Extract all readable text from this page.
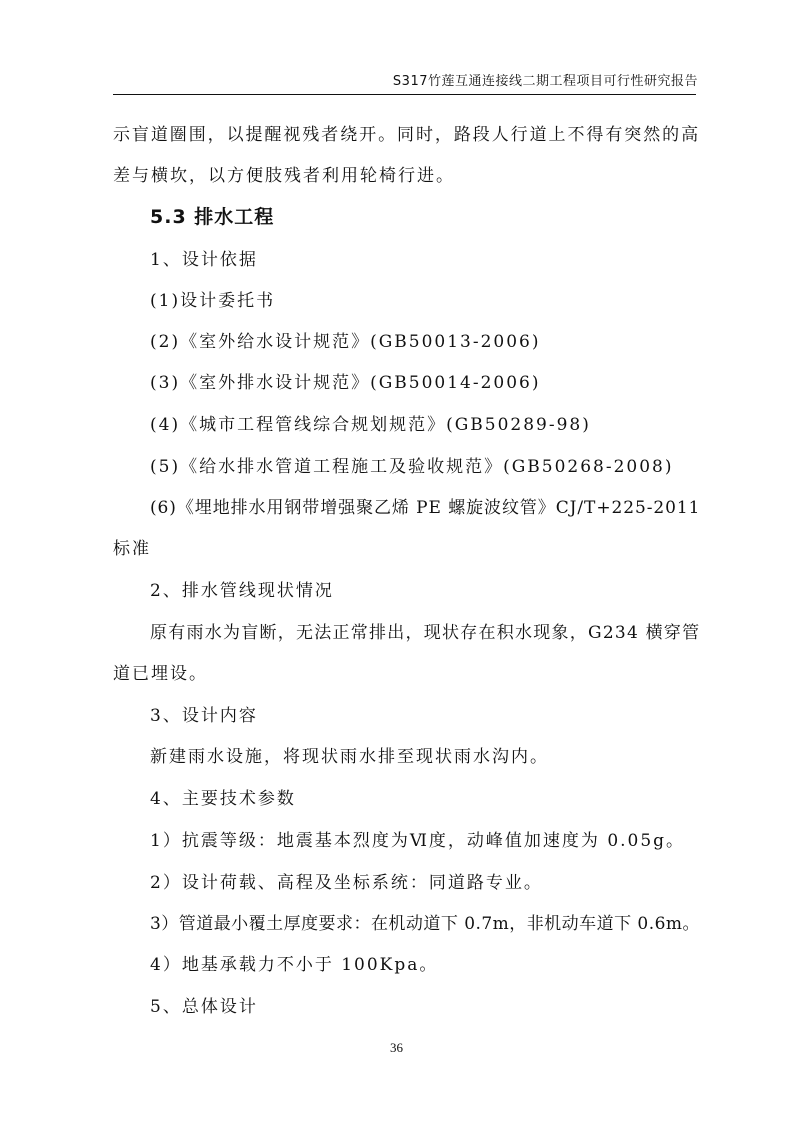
S317竹莲互通连接线二期工程项目可行性研究报告
示盲道圈围，以提醒视残者绕开。同时，路段人行道上不得有突然的高
差与横坎，以方便肢残者利用轮椅行进。
5.3 排水工程
1、设计依据
(1)设计委托书
(2)《室外给水设计规范》(GB50013-2006)
(3)《室外排水设计规范》(GB50014-2006)
(4)《城市工程管线综合规划规范》(GB50289-98)
(5)《给水排水管道工程施工及验收规范》(GB50268-2008)
(6)《埋地排水用钢带增强聚乙烯 PE 螺旋波纹管》CJ/T+225-2011
标准
2、排水管线现状情况
原有雨水为盲断，无法正常排出，现状存在积水现象，G234 横穿管
道已埋设。
3、设计内容
新建雨水设施，将现状雨水排至现状雨水沟内。
4、主要技术参数
1）抗震等级：地震基本烈度为Ⅵ度，动峰值加速度为 0.05g。
2）设计荷载、高程及坐标系统：同道路专业。
3）管道最小覆土厚度要求：在机动道下 0.7m，非机动车道下 0.6m。
4）地基承载力不小于 100Kpa。
5、总体设计
36
